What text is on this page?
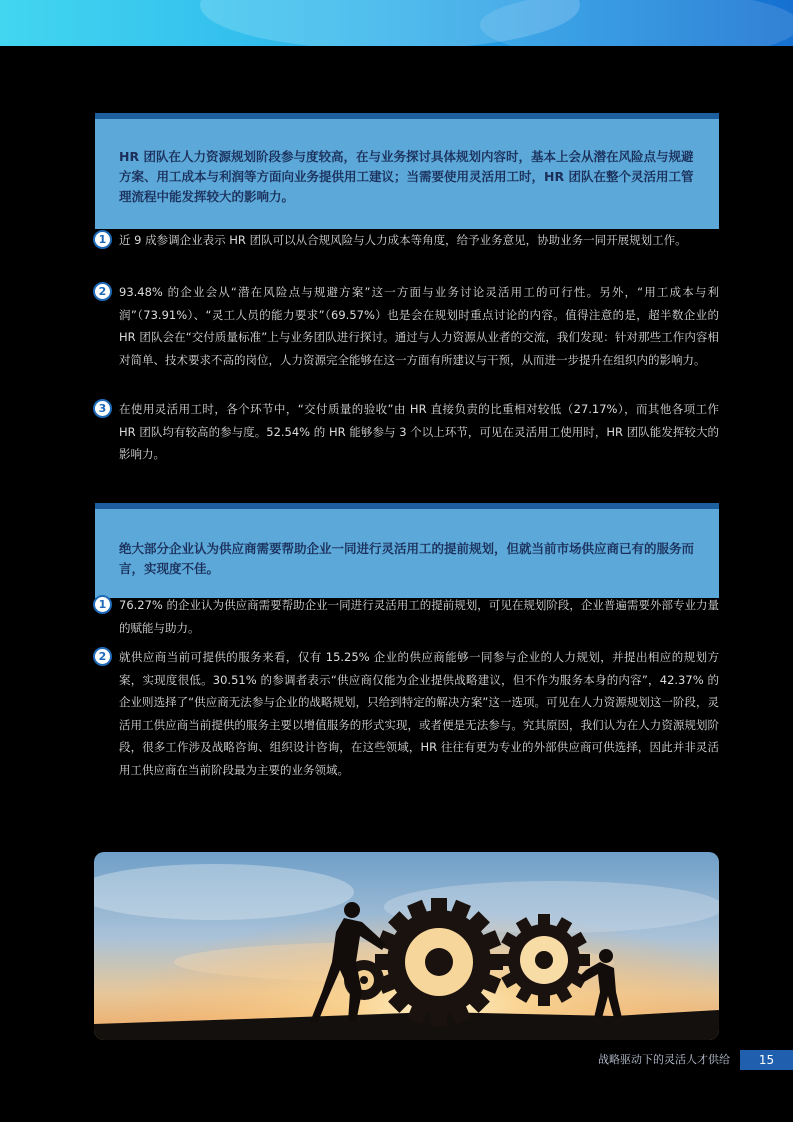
HR 团队在人力资源规划阶段参与度较高，在与业务探讨具体规划内容时，基本上会从潜在风险点与规避方案、用工成本与利润等方面向业务提供用工建议；当需要使用灵活用工时，HR 团队在整个灵活用工管理流程中能发挥较大的影响力。
1	近 9 成参调企业表示 HR 团队可以从合规风险与人力成本等角度，给予业务意见，协助业务一同开展规划工作。
2	93.48% 的企业会从“潜在风险点与规避方案”这一方面与业务讨论灵活用工的可行性。另外，“用工成本与利润”（73.91%）、“灵工人员的能力要求”（69.57%）也是会在规划时重点讨论的内容。值得注意的是，超半数企业的 HR 团队会在“交付质量标准”上与业务团队进行探讨。通过与人力资源从业者的交流，我们发现：针对那些工作内容相对简单、技术要求不高的岗位，人力资源完全能够在这一方面有所建议与干预，从而进一步提升在组织内的影响力。
3	在使用灵活用工时，各个环节中，“交付质量的验收”由 HR 直接负责的比重相对较低（27.17%），而其他各项工作 HR 团队均有较高的参与度。52.54% 的 HR 能够参与 3 个以上环节，可见在灵活用工使用时，HR 团队能发挥较大的影响力。
绝大部分企业认为供应商需要帮助企业一同进行灵活用工的提前规划，但就当前市场供应商已有的服务而言，实现度不佳。
1	76.27% 的企业认为供应商需要帮助企业一同进行灵活用工的提前规划，可见在规划阶段，企业普遍需要外部专业力量的赋能与助力。
2	就供应商当前可提供的服务来看，仅有 15.25% 企业的供应商能够一同参与企业的人力规划，并提出相应的规划方案，实现度很低。30.51% 的参调者表示“供应商仅能为企业提供战略建议，但不作为服务本身的内容”，42.37% 的企业则选择了“供应商无法参与企业的战略规划，只给到特定的解决方案”这一选项。可见在人力资源规划这一阶段，灵活用工供应商当前提供的服务主要以增值服务的形式实现，或者便是无法参与。究其原因，我们认为在人力资源规划阶段，很多工作涉及战略咨询、组织设计咨询，在这些领域，HR 往往有更为专业的外部供应商可供选择，因此并非灵活用工供应商在当前阶段最为主要的业务领域。
战略驱动下的灵活人才供给	15
